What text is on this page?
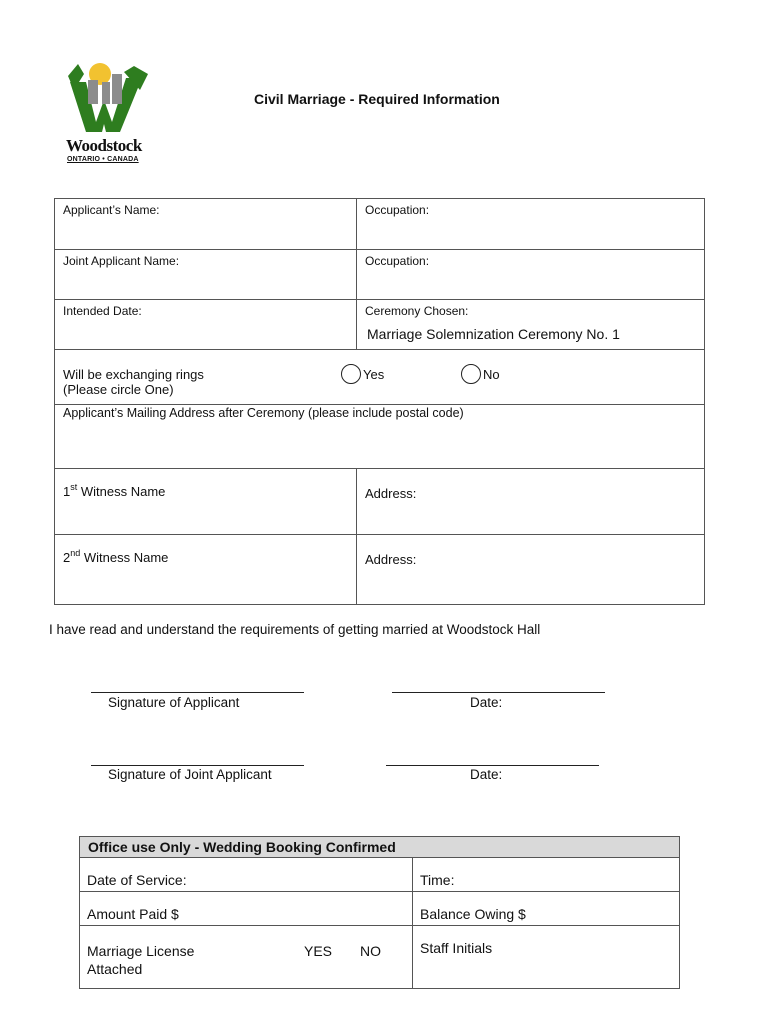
Woodstock
ONTARIO • CANADA
Civil Marriage - Required Information
Applicant’s Name:	Occupation:
Joint Applicant Name:	Occupation:
Intended Date:	Ceremony Chosen:
Marriage Solemnization Ceremony No. 1
Will be exchanging rings
(Please circle One)
Yes	No
Applicant’s Mailing Address after Ceremony (please include postal code)
1st Witness Name	Address:
2nd Witness Name	Address:
I have read and understand the requirements of getting married at Woodstock Hall
Signature of Applicant	Date:
Signature of Joint Applicant	Date:
Office use Only - Wedding Booking Confirmed
Date of Service:	Time:
Amount Paid $	Balance Owing $
Marriage License
Attached
YES NO	Staff Initials
